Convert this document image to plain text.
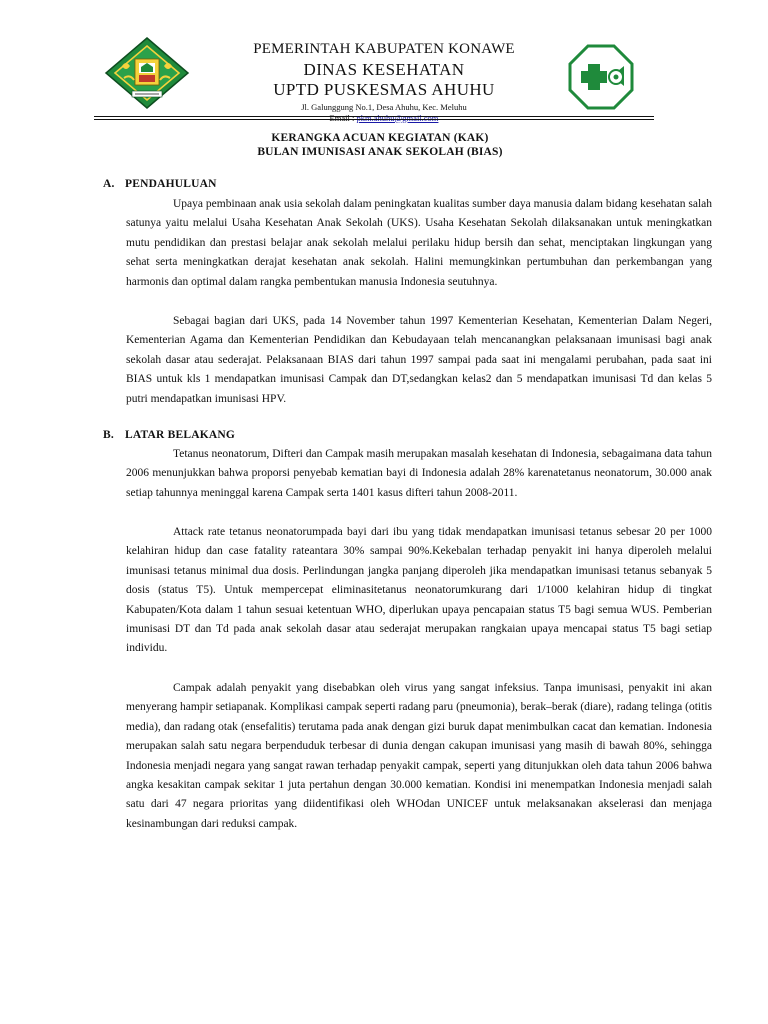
PEMERINTAH KABUPATEN KONAWE
DINAS KESEHATAN
UPTD PUSKESMAS AHUHU
Jl. Galunggung No.1, Desa Ahuhu, Kec. Meluhu
Email : pkm.ahuhu@gmail.com
KERANGKA ACUAN KEGIATAN (KAK)
BULAN IMUNISASI ANAK SEKOLAH (BIAS)
A. PENDAHULUAN

Upaya pembinaan anak usia sekolah dalam peningkatan kualitas sumber daya manusia dalam bidang kesehatan salah satunya yaitu melalui Usaha Kesehatan Anak Sekolah (UKS). Usaha Kesehatan Sekolah dilaksanakan untuk meningkatkan mutu pendidikan dan prestasi belajar anak sekolah melalui perilaku hidup bersih dan sehat, menciptakan lingkungan yang sehat serta meningkatkan derajat kesehatan anak sekolah. Halini memungkinkan pertumbuhan dan perkembangan yang harmonis dan optimal dalam rangka pembentukan manusia Indonesia seutuhnya.

Sebagai bagian dari UKS, pada 14 November tahun 1997 Kementerian Kesehatan, Kementerian Dalam Negeri, Kementerian Agama dan Kementerian Pendidikan dan Kebudayaan telah mencanangkan pelaksanaan imunisasi bagi anak sekolah dasar atau sederajat. Pelaksanaan BIAS dari tahun 1997 sampai pada saat ini mengalami perubahan, pada saat ini BIAS untuk kls 1 mendapatkan imunisasi Campak dan DT,sedangkan kelas2 dan 5 mendapatkan imunisasi Td dan kelas 5 putri mendapatkan imunisasi HPV.

B. LATAR BELAKANG

Tetanus neonatorum, Difteri dan Campak masih merupakan masalah kesehatan di Indonesia, sebagaimana data tahun 2006 menunjukkan bahwa proporsi penyebab kematian bayi di Indonesia adalah 28% karenatetanus neonatorum, 30.000 anak setiap tahunnya meninggal karena Campak serta 1401 kasus difteri tahun 2008-2011.

Attack rate tetanus neonatorumpada bayi dari ibu yang tidak mendapatkan imunisasi tetanus sebesar 20 per 1000 kelahiran hidup dan case fatality rateantara 30% sampai 90%.Kekebalan terhadap penyakit ini hanya diperoleh melalui imunisasi tetanus minimal dua dosis. Perlindungan jangka panjang diperoleh jika mendapatkan imunisasi tetanus sebanyak 5 dosis (status T5). Untuk mempercepat eliminasitetanus neonatorumkurang dari 1/1000 kelahiran hidup di tingkat Kabupaten/Kota dalam 1 tahun sesuai ketentuan WHO, diperlukan upaya pencapaian status T5 bagi semua WUS. Pemberian imunisasi DT dan Td pada anak sekolah dasar atau sederajat merupakan rangkaian upaya mencapai status T5 bagi setiap individu.

Campak adalah penyakit yang disebabkan oleh virus yang sangat infeksius. Tanpa imunisasi, penyakit ini akan menyerang hampir setiapanak. Komplikasi campak seperti radang paru (pneumonia), berak–berak (diare), radang telinga (otitis media), dan radang otak (ensefalitis) terutama pada anak dengan gizi buruk dapat menimbulkan cacat dan kematian. Indonesia merupakan salah satu negara berpenduduk terbesar di dunia dengan cakupan imunisasi yang masih di bawah 80%, sehingga Indonesia menjadi negara yang sangat rawan terhadap penyakit campak, seperti yang ditunjukkan oleh data tahun 2006 bahwa angka kesakitan campak sekitar 1 juta pertahun dengan 30.000 kematian. Kondisi ini menempatkan Indonesia menjadi salah satu dari 47 negara prioritas yang diidentifikasi oleh WHOdan UNICEF untuk melaksanakan akselerasi dan menjaga kesinambungan dari reduksi campak.
